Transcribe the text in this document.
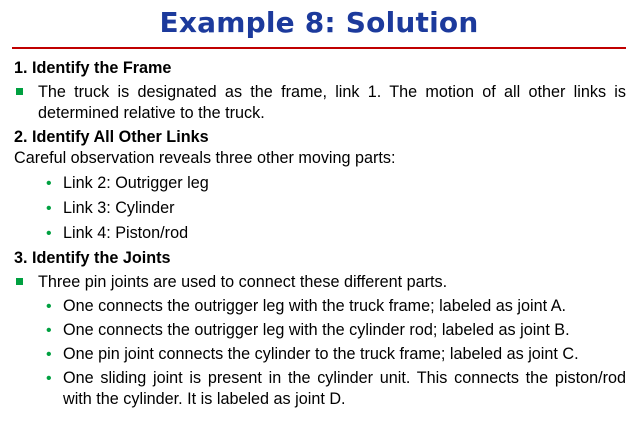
Example 8: Solution

1. Identify the Frame

The truck is designated as the frame, link 1. The motion of all other links is determined relative to the truck.

2. Identify All Other Links

Careful observation reveals three other moving parts:

• Link 2: Outrigger leg
• Link 3: Cylinder
• Link 4: Piston/rod

3. Identify the Joints

Three pin joints are used to connect these different parts.
• One connects the outrigger leg with the truck frame; labeled as joint A.
• One connects the outrigger leg with the cylinder rod; labeled as joint B.
• One pin joint connects the cylinder to the truck frame; labeled as joint C.
• One sliding joint is present in the cylinder unit. This connects the piston/rod with the cylinder. It is labeled as joint D.
